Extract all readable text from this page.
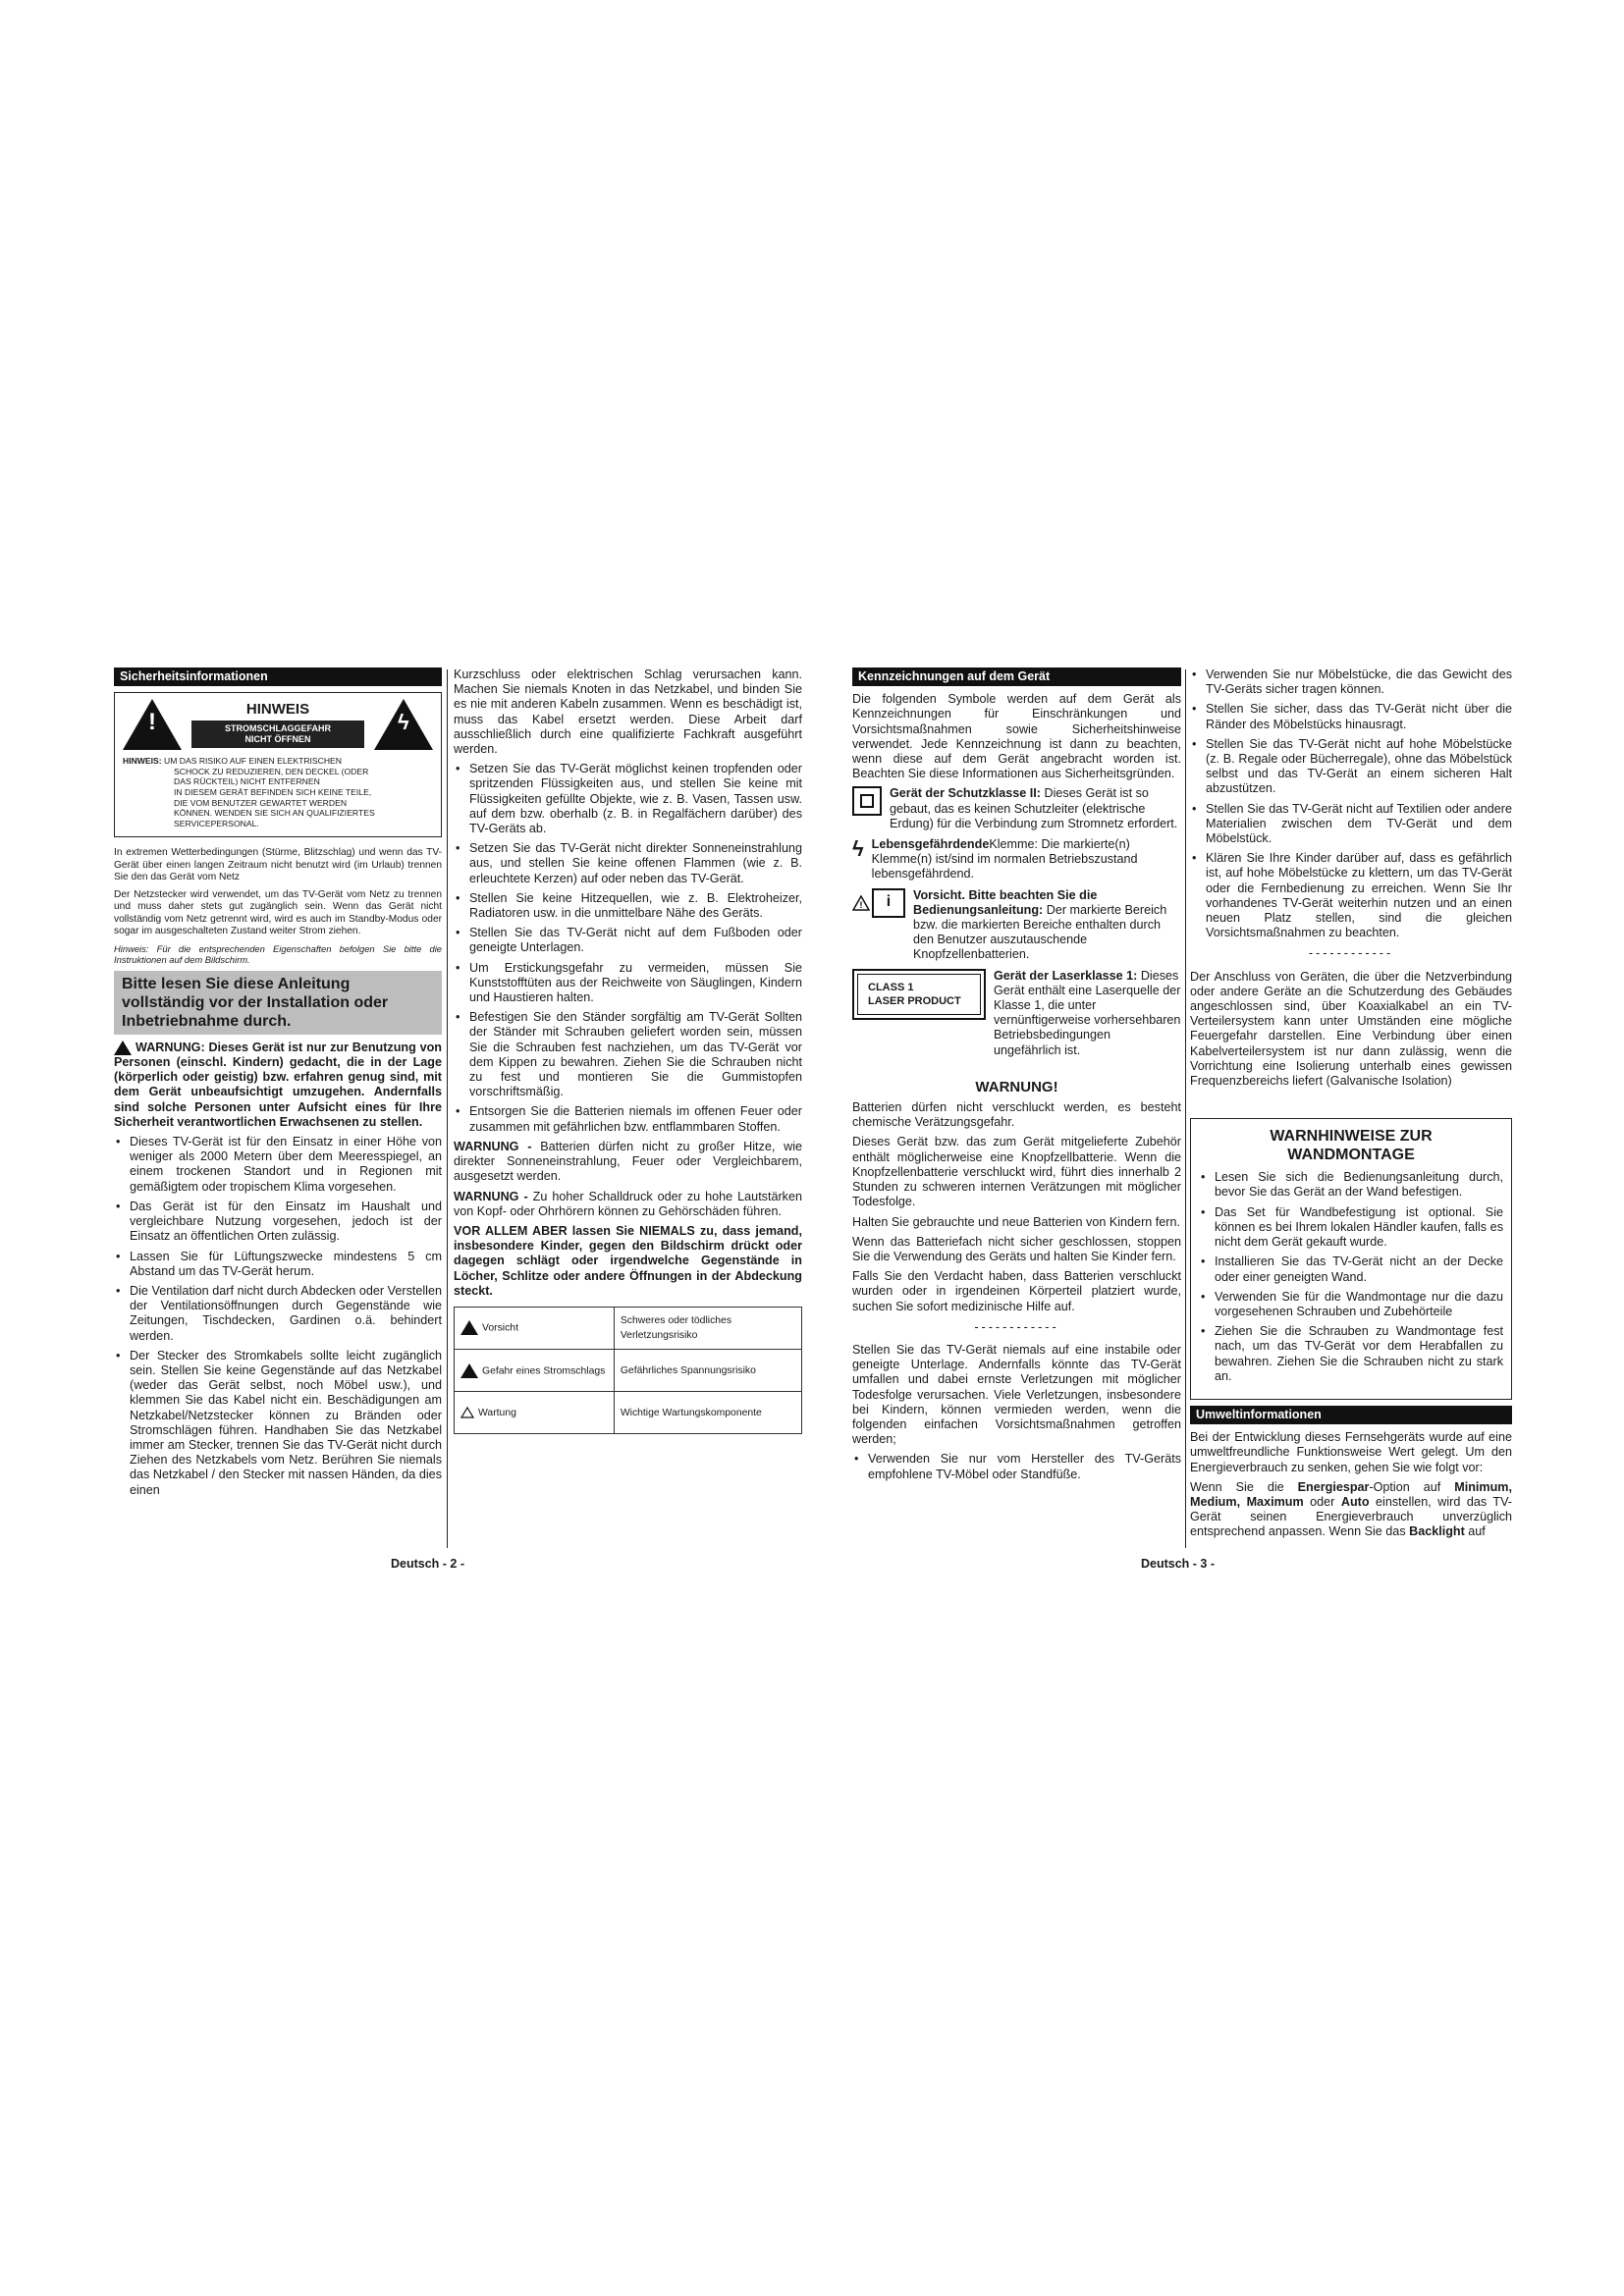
Sicherheitsinformationen
!
HINWEIS
STROMSCHLAGGEFAHR
NICHT ÖFFNEN
ϟ
HINWEIS: UM DAS RISIKO AUF EINEN ELEKTRISCHEN
SCHOCK ZU REDUZIEREN, DEN DECKEL (ODER
DAS RÜCKTEIL) NICHT ENTFERNEN
IN DIESEM GERÄT BEFINDEN SICH KEINE TEILE,
DIE VOM BENUTZER GEWARTET WERDEN
KÖNNEN. WENDEN SIE SICH AN QUALIFIZIERTES
SERVICEPERSONAL.

In extremen Wetterbedingungen (Stürme, Blitzschlag) und wenn das TV-Gerät über einen langen Zeitraum nicht benutzt wird (im Urlaub) trennen Sie den das Gerät vom Netz

Der Netzstecker wird verwendet, um das TV-Gerät vom Netz zu trennen und muss daher stets gut zugänglich sein. Wenn das Gerät nicht vollständig vom Netz getrennt wird, wird es auch im Standby-Modus oder sogar im ausgeschalteten Zustand weiter Strom ziehen.

Hinweis: Für die entsprechenden Eigenschaften befolgen Sie bitte die Instruktionen auf dem Bildschirm.

Bitte lesen Sie diese Anleitung vollständig vor der Installation oder Inbetriebnahme durch.

WARNUNG: Dieses Gerät ist nur zur Benutzung von Personen (einschl. Kindern) gedacht, die in der Lage (körperlich oder geistig) bzw. erfahren genug sind, mit dem Gerät unbeaufsichtigt umzugehen. Andernfalls sind solche Personen unter Aufsicht eines für Ihre Sicherheit verantwortlichen Erwachsenen zu stellen.

• Dieses TV-Gerät ist für den Einsatz in einer Höhe von weniger als 2000 Metern über dem Meeresspiegel, an einem trockenen Standort und in Regionen mit gemäßigtem oder tropischem Klima vorgesehen.
• Das Gerät ist für den Einsatz im Haushalt und vergleichbare Nutzung vorgesehen, jedoch ist der Einsatz an öffentlichen Orten zulässig.
• Lassen Sie für Lüftungszwecke mindestens 5 cm Abstand um das TV-Gerät herum.
• Die Ventilation darf nicht durch Abdecken oder Verstellen der Ventilationsöffnungen durch Gegenstände wie Zeitungen, Tischdecken, Gardinen o.ä. behindert werden.
• Der Stecker des Stromkabels sollte leicht zugänglich sein. Stellen Sie keine Gegenstände auf das Netzkabel (weder das Gerät selbst, noch Möbel usw.), und klemmen Sie das Kabel nicht ein. Beschädigungen am Netzkabel/Netzstecker können zu Bränden oder Stromschlägen führen. Handhaben Sie das Netzkabel immer am Stecker, trennen Sie das TV-Gerät nicht durch Ziehen des Netzkabels vom Netz. Berühren Sie niemals das Netzkabel / den Stecker mit nassen Händen, da dies einen

Kurzschluss oder elektrischen Schlag verursachen kann. Machen Sie niemals Knoten in das Netzkabel, und binden Sie es nie mit anderen Kabeln zusammen. Wenn es beschädigt ist, muss das Kabel ersetzt werden. Diese Arbeit darf ausschließlich durch eine qualifizierte Fachkraft ausgeführt werden.

• Setzen Sie das TV-Gerät möglichst keinen tropfenden oder spritzenden Flüssigkeiten aus, und stellen Sie keine mit Flüssigkeiten gefüllte Objekte, wie z. B. Vasen, Tassen usw. auf dem bzw. oberhalb (z. B. in Regalfächern darüber) des TV-Geräts ab.
• Setzen Sie das TV-Gerät nicht direkter Sonneneinstrahlung aus, und stellen Sie keine offenen Flammen (wie z. B. erleuchtete Kerzen) auf oder neben das TV-Gerät.
• Stellen Sie keine Hitzequellen, wie z. B. Elektroheizer, Radiatoren usw. in die unmittelbare Nähe des Geräts.
• Stellen Sie das TV-Gerät nicht auf dem Fußboden oder geneigte Unterlagen.
• Um Erstickungsgefahr zu vermeiden, müssen Sie Kunststofftüten aus der Reichweite von Säuglingen, Kindern und Haustieren halten.
• Befestigen Sie den Ständer sorgfältig am TV-Gerät Sollten der Ständer mit Schrauben geliefert worden sein, müssen Sie die Schrauben fest nachziehen, um das TV-Gerät vor dem Kippen zu bewahren. Ziehen Sie die Schrauben nicht zu fest und montieren Sie die Gummistopfen vorschriftsmäßig.
• Entsorgen Sie die Batterien niemals im offenen Feuer oder zusammen mit gefährlichen bzw. entflammbaren Stoffen.

WARNUNG - Batterien dürfen nicht zu großer Hitze, wie direkter Sonneneinstrahlung, Feuer oder Vergleichbarem, ausgesetzt werden.

WARNUNG - Zu hoher Schalldruck oder zu hohe Lautstärken von Kopf- oder Ohrhörern können zu Gehörschäden führen.

VOR ALLEM ABER lassen Sie NIEMALS zu, dass jemand, insbesondere Kinder, gegen den Bildschirm drückt oder dagegen schlägt oder irgendwelche Gegenstände in Löcher, Schlitze oder andere Öffnungen in der Abdeckung steckt.

Vorsicht	Schweres oder tödliches Verletzungsrisiko
Gefahr eines Stromschlags	Gefährliches Spannungsrisiko
Wartung	Wichtige Wartungskomponente
Deutsch - 2 -
Kennzeichnungen auf dem Gerät

Die folgenden Symbole werden auf dem Gerät als Kennzeichnungen für Einschränkungen und Vorsichtsmaßnahmen sowie Sicherheitshinweise verwendet. Jede Kennzeichnung ist dann zu beachten, wenn diese auf dem Gerät angebracht worden ist. Beachten Sie diese Informationen aus Sicherheitsgründen.

Gerät der Schutzklasse II: Dieses Gerät ist so gebaut, das es keinen Schutzleiter (elektrische Erdung) für die Verbindung zum Stromnetz erfordert.
ϟ LebensgefährdendeKlemme: Die markierte(n) Klemme(n) ist/sind im normalen Betriebszustand lebensgefährdend.
!	i	Vorsicht. Bitte beachten Sie die Bedienungsanleitung: Der markierte Bereich bzw. die markierten Bereiche enthalten durch den Benutzer auszutauschende Knopfzellenbatterien.
CLASS 1
LASER PRODUCT
Gerät der Laserklasse 1: Dieses Gerät enthält eine Laserquelle der Klasse 1, die unter vernünftigerweise vorhersehbaren Betriebsbedingungen ungefährlich ist.
WARNUNG!

Batterien dürfen nicht verschluckt werden, es besteht chemische Verätzungsgefahr.

Dieses Gerät bzw. das zum Gerät mitgelieferte Zubehör enthält möglicherweise eine Knopfzellbatterie. Wenn die Knopfzellenbatterie verschluckt wird, führt dies innerhalb 2 Stunden zu schweren internen Verätzungen mit möglicher Todesfolge.

Halten Sie gebrauchte und neue Batterien von Kindern fern.

Wenn das Batteriefach nicht sicher geschlossen, stoppen Sie die Verwendung des Geräts und halten Sie Kinder fern.

Falls Sie den Verdacht haben, dass Batterien verschluckt wurden oder in irgendeinen Körperteil platziert wurde, suchen Sie sofort medizinische Hilfe auf.

------------

Stellen Sie das TV-Gerät niemals auf eine instabile oder geneigte Unterlage. Andernfalls könnte das TV-Gerät umfallen und dabei ernste Verletzungen mit möglicher Todesfolge verursachen. Viele Verletzungen, insbesondere bei Kindern, können vermieden werden, wenn die folgenden einfachen Vorsichtsmaßnahmen getroffen werden;

• Verwenden Sie nur vom Hersteller des TV-Geräts empfohlene TV-Möbel oder Standfüße.
• Verwenden Sie nur Möbelstücke, die das Gewicht des TV-Geräts sicher tragen können.
• Stellen Sie sicher, dass das TV-Gerät nicht über die Ränder des Möbelstücks hinausragt.
• Stellen Sie das TV-Gerät nicht auf hohe Möbelstücke (z. B. Regale oder Bücherregale), ohne das Möbelstück selbst und das TV-Gerät an einem sicheren Halt abzustützen.
• Stellen Sie das TV-Gerät nicht auf Textilien oder andere Materialien zwischen dem TV-Gerät und dem Möbelstück.
• Klären Sie Ihre Kinder darüber auf, dass es gefährlich ist, auf hohe Möbelstücke zu klettern, um das TV-Gerät oder die Fernbedienung zu erreichen. Wenn Sie Ihr vorhandenes TV-Gerät weiterhin nutzen und an einen neuen Platz stellen, sind die gleichen Vorsichtsmaßnahmen zu beachten.
------------

Der Anschluss von Geräten, die über die Netzverbindung oder andere Geräte an die Schutzerdung des Gebäudes angeschlossen sind, über Koaxialkabel an ein TV-Verteilersystem kann unter Umständen eine mögliche Feuergefahr darstellen. Eine Verbindung über einen Kabelverteilersystem ist nur dann zulässig, wenn die Vorrichtung eine Isolierung unterhalb eines gewissen Frequenzbereichs liefert (Galvanische Isolation)

WARNHINWEISE ZUR
WANDMONTAGE
• Lesen Sie sich die Bedienungsanleitung durch, bevor Sie das Gerät an der Wand befestigen.
• Das Set für Wandbefestigung ist optional. Sie können es bei Ihrem lokalen Händler kaufen, falls es nicht dem Gerät gekauft wurde.
• Installieren Sie das TV-Gerät nicht an der Decke oder einer geneigten Wand.
• Verwenden Sie für die Wandmontage nur die dazu vorgesehenen Schrauben und Zubehörteile
• Ziehen Sie die Schrauben zu Wandmontage fest nach, um das TV-Gerät vor dem Herabfallen zu bewahren. Ziehen Sie die Schrauben nicht zu stark an.
Umweltinformationen

Bei der Entwicklung dieses Fernsehgeräts wurde auf eine umweltfreundliche Funktionsweise Wert gelegt. Um den Energieverbrauch zu senken, gehen Sie wie folgt vor:

Wenn Sie die Energiespar-Option auf Minimum, Medium, Maximum oder Auto einstellen, wird das TV-Gerät seinen Energieverbrauch unverzüglich entsprechend anpassen. Wenn Sie das Backlight auf

Deutsch - 3 -
